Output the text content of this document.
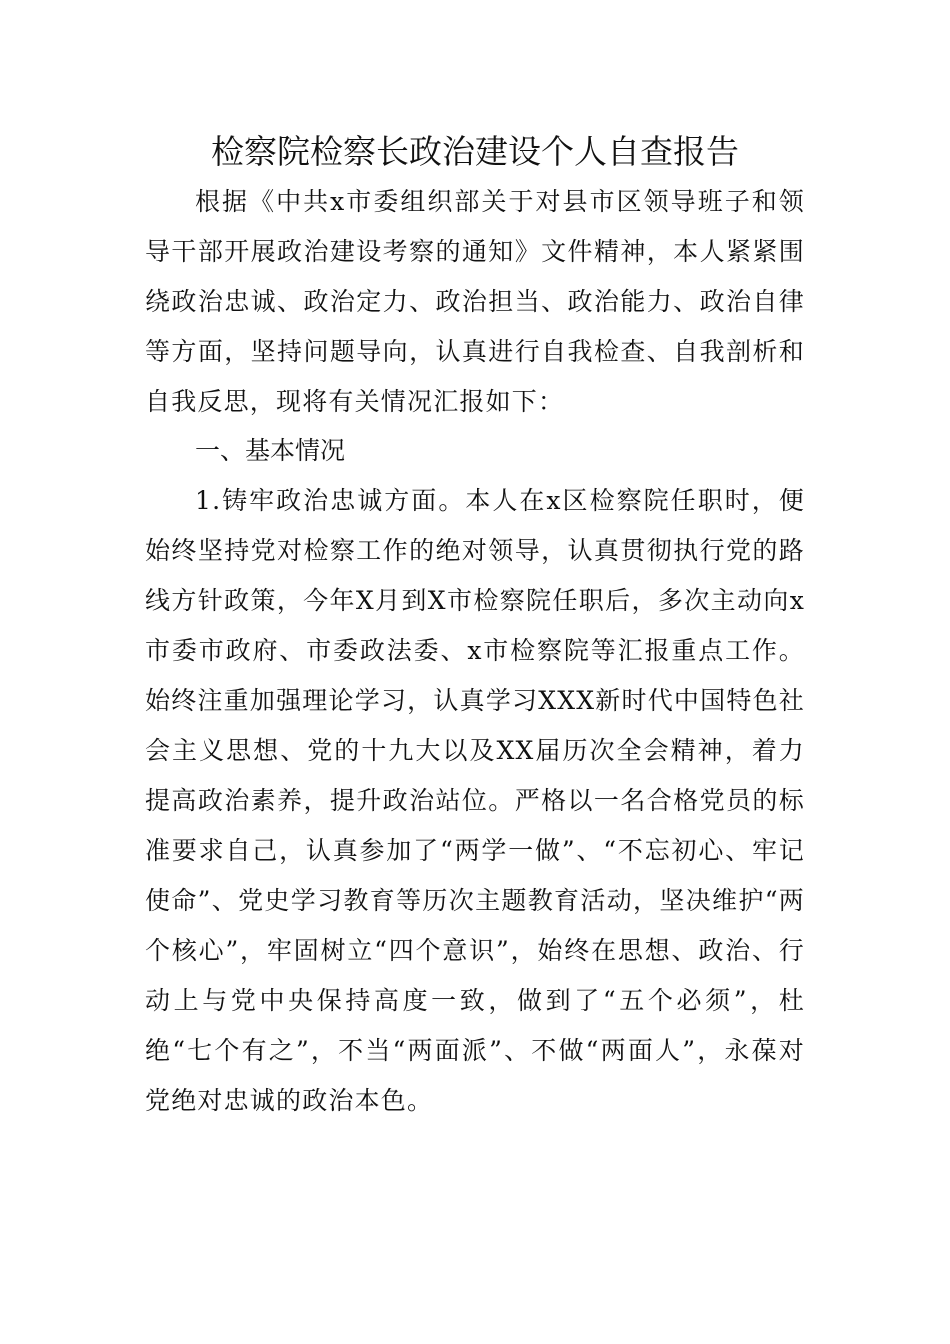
检察院检察长政治建设个人自查报告

根据《中共x市委组织部关于对县市区领导班子和领导干部开展政治建设考察的通知》文件精神，本人紧紧围绕政治忠诚、政治定力、政治担当、政治能力、政治自律等方面，坚持问题导向，认真进行自我检查、自我剖析和自我反思，现将有关情况汇报如下：

一、基本情况

1.铸牢政治忠诚方面。本人在x区检察院任职时，便始终坚持党对检察工作的绝对领导，认真贯彻执行党的路线方针政策，今年X月到X市检察院任职后，多次主动向x市委市政府、市委政法委、x市检察院等汇报重点工作。始终注重加强理论学习，认真学习XXX新时代中国特色社会主义思想、党的十九大以及XX届历次全会精神，着力提高政治素养，提升政治站位。严格以一名合格党员的标准要求自己，认真参加了“两学一做”、“不忘初心、牢记使命”、党史学习教育等历次主题教育活动，坚决维护“两个核心”，牢固树立“四个意识”，始终在思想、政治、行动上与党中央保持高度一致，做到了“五个必须”，杜绝“七个有之”，不当“两面派”、不做“两面人”，永葆对党绝对忠诚的政治本色。
